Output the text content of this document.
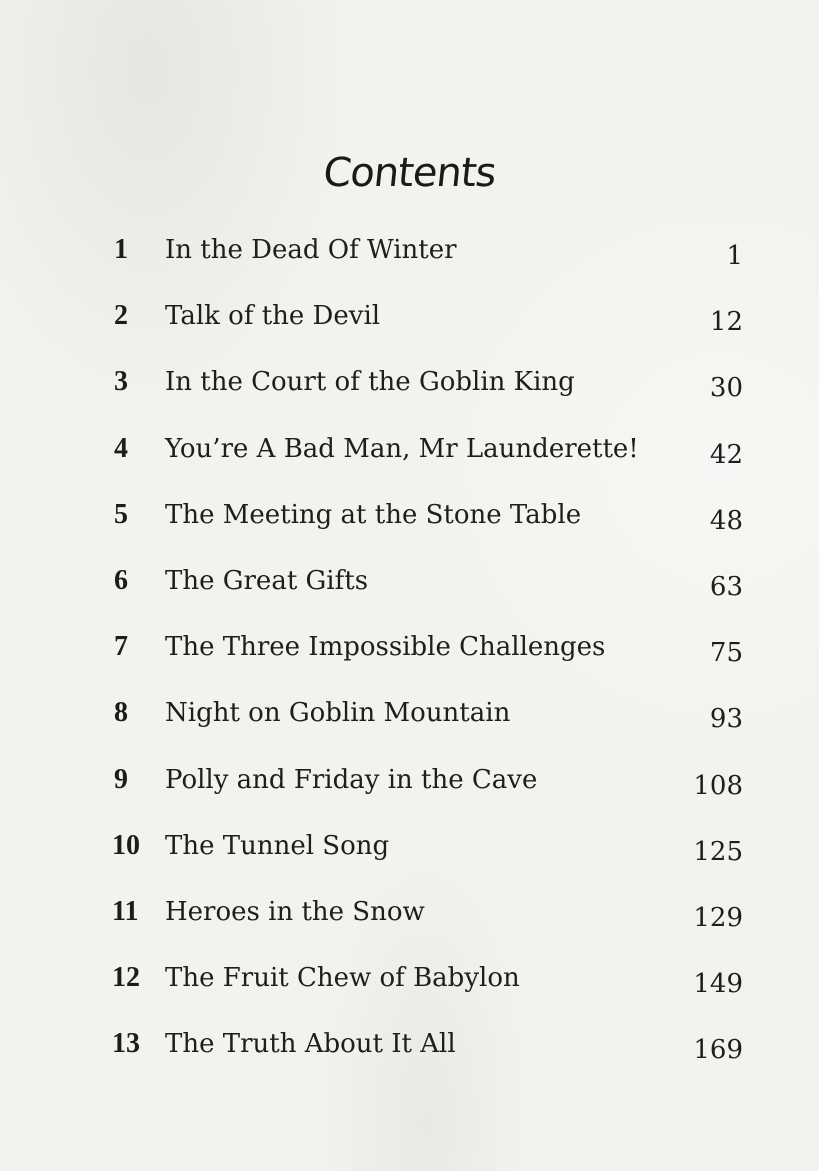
Contents
1	In the Dead Of Winter	1
2	Talk of the Devil	12
3	In the Court of the Goblin King	30
4	You’re A Bad Man, Mr Launderette!	42
5	The Meeting at the Stone Table	48
6	The Great Gifts	63
7	The Three Impossible Challenges	75
8	Night on Goblin Mountain	93
9	Polly and Friday in the Cave	108
10 The Tunnel Song	125
11	Heroes in the Snow	129
12 The Fruit Chew of Babylon	149
13 The Truth About It All	169
